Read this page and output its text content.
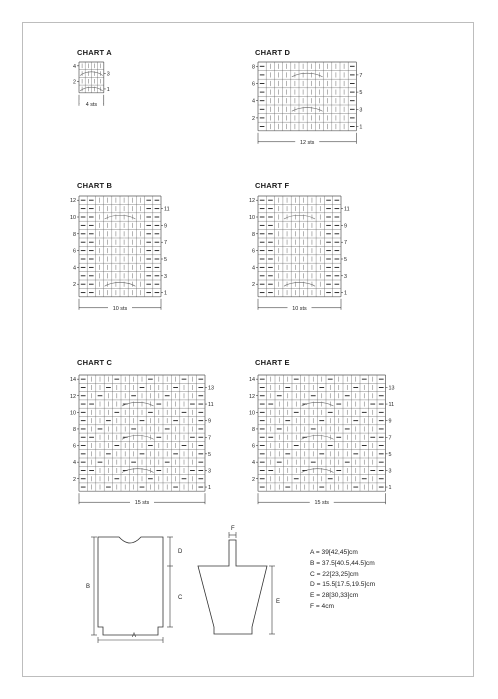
CHART A
4
2
3
1
4 sts
CHART D
8
6
4
2
7
5
3
1
12 sts
CHART B
12
10
8
6
4
2
11
9
7
5
3
1
10 sts
CHART F
12
10
8
6
4
2
11
9
7
5
3
1
10 sts
CHART C
14
12
10
8
6
4
2
13
11
9
7
5
3
1
15 sts
CHART E
14
12
10
8
6
4
2
13
11
9
7
5
3
1
15 sts
A = 39[42,45]cm
B = 37.5[40.5,44.5]cm
C = 22[23,25]cm
D = 15.5[17.5,19.5]cm
E = 28[30,33]cm
F = 4cm
D
C
B
A
F
E
